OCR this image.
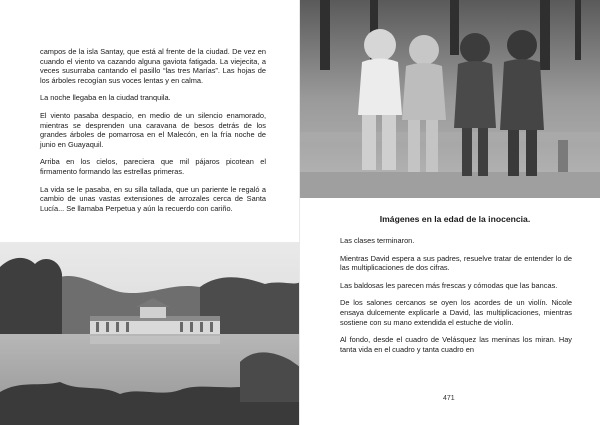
campos de la isla Santay, que está al frente de la ciudad. De vez en cuando el viento va cazando alguna gaviota fatigada. La viejecita, a veces susurraba cantando el pasillo “las tres Marías”. Las hojas de los árboles recogían sus voces lentas y en calma.

La noche llegaba en la ciudad tranquila.

El viento pasaba despacio, en medio de un silencio enamorado, mientras se desprenden una caravana de besos detrás de los grandes árboles de pomarrosa en el Malecón, en la fría noche de junio en Guayaquil.

Arriba en los cielos, pareciera que mil pájaros picotean el firmamento formando las estrellas primeras.

La vida se le pasaba, en su silla tallada, que un pariente le regaló a cambio de unas vastas extensiones de arrozales cerca de Santa Lucía... Se llamaba Perpetua y aún la recuerdo con cariño.

Imágenes en la edad de la inocencia.

Las clases terminaron.

Mientras David espera a sus padres, resuelve tratar de entender lo de las multiplicaciones de dos cifras.

Las baldosas les parecen más frescas y cómodas que las bancas.

De los salones cercanos se oyen los acordes de un violín. Nicole ensaya dulcemente explicarle a David, las multiplicaciones, mientras sostiene con su mano extendida el estuche de violín.

Al fondo, desde el cuadro de Velásquez las meninas los miran. Hay tanta vida en el cuadro y tanta cuadro en

471
